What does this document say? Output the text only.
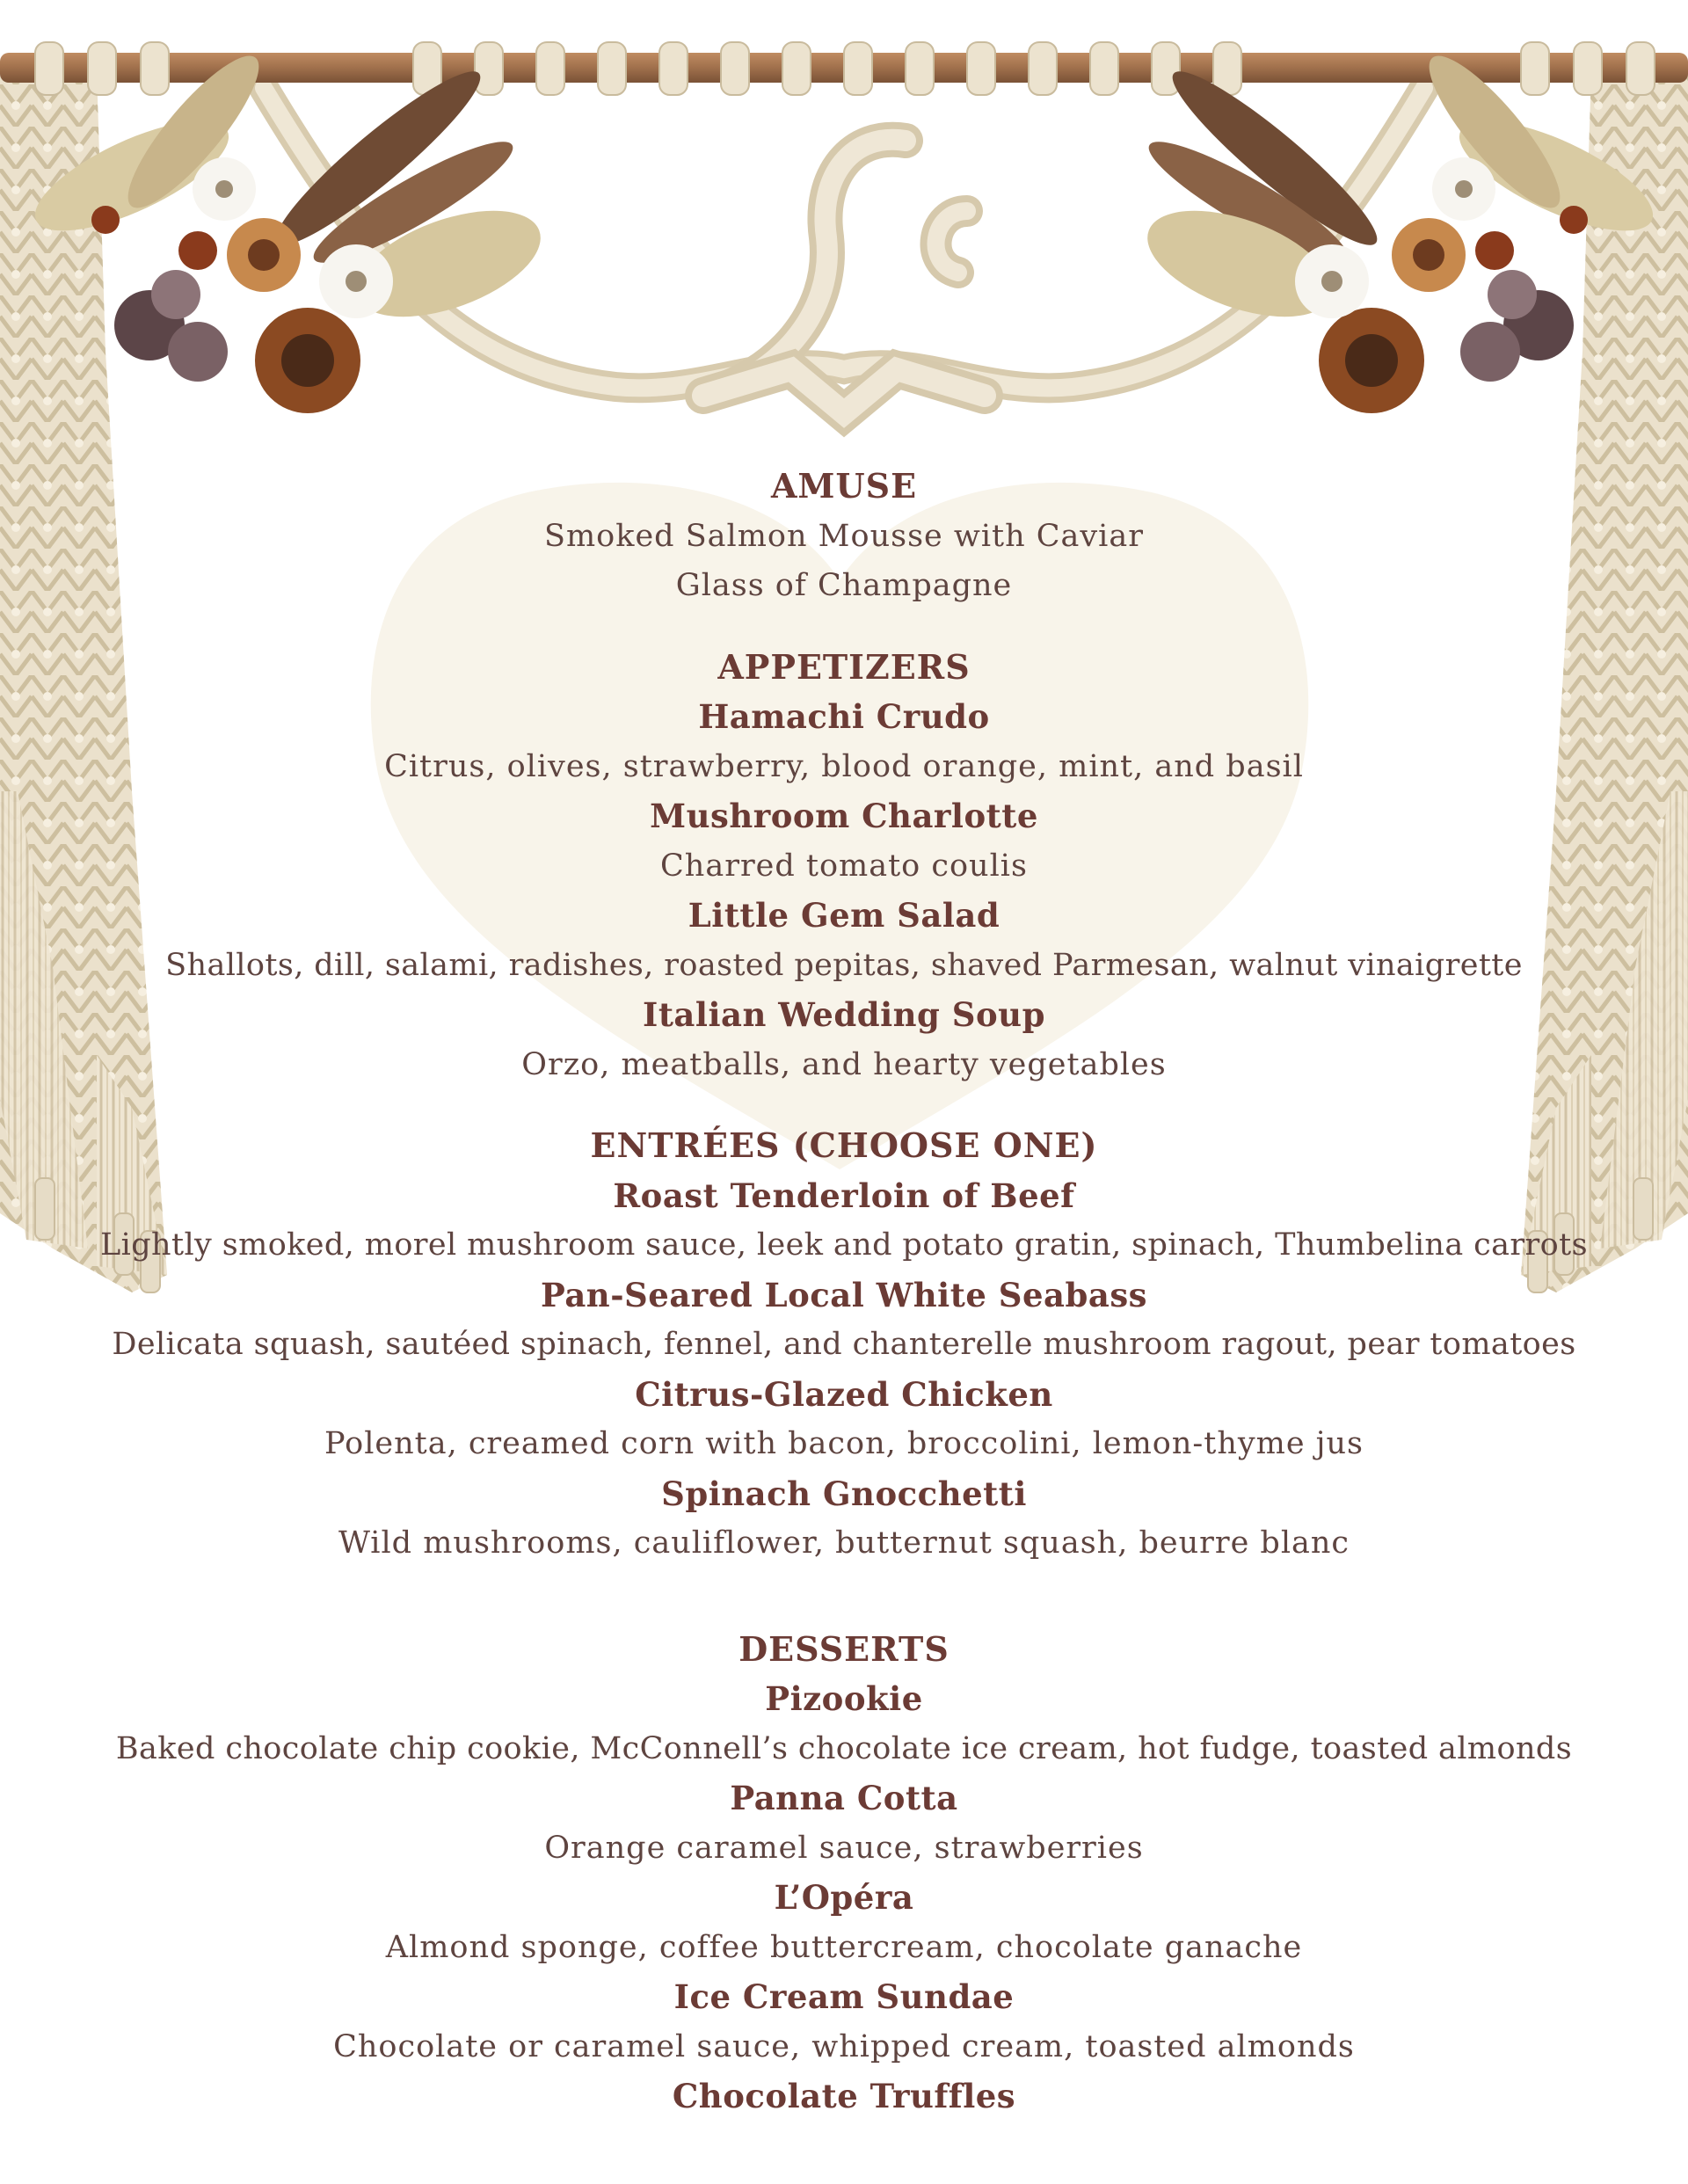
AMUSE
Smoked Salmon Mousse with Caviar
Glass of Champagne
APPETIZERS
Hamachi Crudo
Citrus, olives, strawberry, blood orange, mint, and basil
Mushroom Charlotte
Charred tomato coulis
Little Gem Salad
Shallots, dill, salami, radishes, roasted pepitas, shaved Parmesan, walnut vinaigrette
Italian Wedding Soup
Orzo, meatballs, and hearty vegetables
ENTRÉES (CHOOSE ONE)
Roast Tenderloin of Beef
Lightly smoked, morel mushroom sauce, leek and potato gratin, spinach, Thumbelina carrots
Pan-Seared Local White Seabass
Delicata squash, sautéed spinach, fennel, and chanterelle mushroom ragout, pear tomatoes
Citrus-Glazed Chicken
Polenta, creamed corn with bacon, broccolini, lemon-thyme jus
Spinach Gnocchetti
Wild mushrooms, cauliflower, butternut squash, beurre blanc
DESSERTS
Pizookie
Baked chocolate chip cookie, McConnell’s chocolate ice cream, hot fudge, toasted almonds
Panna Cotta
Orange caramel sauce, strawberries
L’Opéra
Almond sponge, coffee buttercream, chocolate ganache
Ice Cream Sundae
Chocolate or caramel sauce, whipped cream, toasted almonds
Chocolate Truffles
